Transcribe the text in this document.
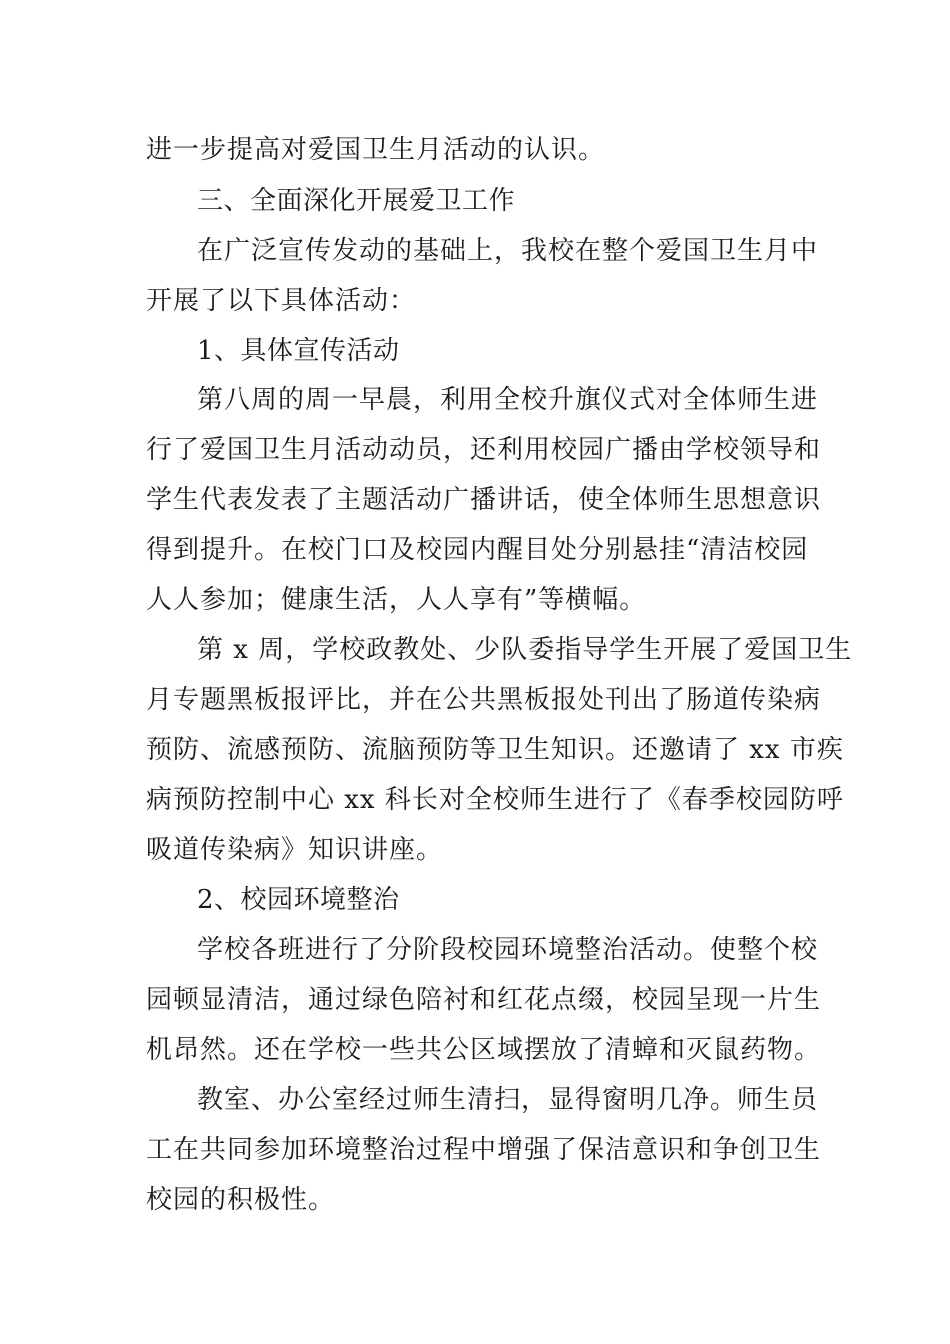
进一步提高对爱国卫生月活动的认识。
三、全面深化开展爱卫工作
在广泛宣传发动的基础上，我校在整个爱国卫生月中
开展了以下具体活动：
1、具体宣传活动
第八周的周一早晨，利用全校升旗仪式对全体师生进
行了爱国卫生月活动动员，还利用校园广播由学校领导和
学生代表发表了主题活动广播讲话，使全体师生思想意识
得到提升。在校门口及校园内醒目处分别悬挂“清洁校园
人人参加；健康生活，人人享有”等横幅。
第 x 周，学校政教处、少队委指导学生开展了爱国卫生
月专题黑板报评比，并在公共黑板报处刊出了肠道传染病
预防、流感预防、流脑预防等卫生知识。还邀请了 xx 市疾
病预防控制中心 xx 科长对全校师生进行了《春季校园防呼
吸道传染病》知识讲座。
2、校园环境整治
学校各班进行了分阶段校园环境整治活动。使整个校
园顿显清洁，通过绿色陪衬和红花点缀，校园呈现一片生
机昂然。还在学校一些共公区域摆放了清蟑和灭鼠药物。
教室、办公室经过师生清扫，显得窗明几净。师生员
工在共同参加环境整治过程中增强了保洁意识和争创卫生
校园的积极性。
